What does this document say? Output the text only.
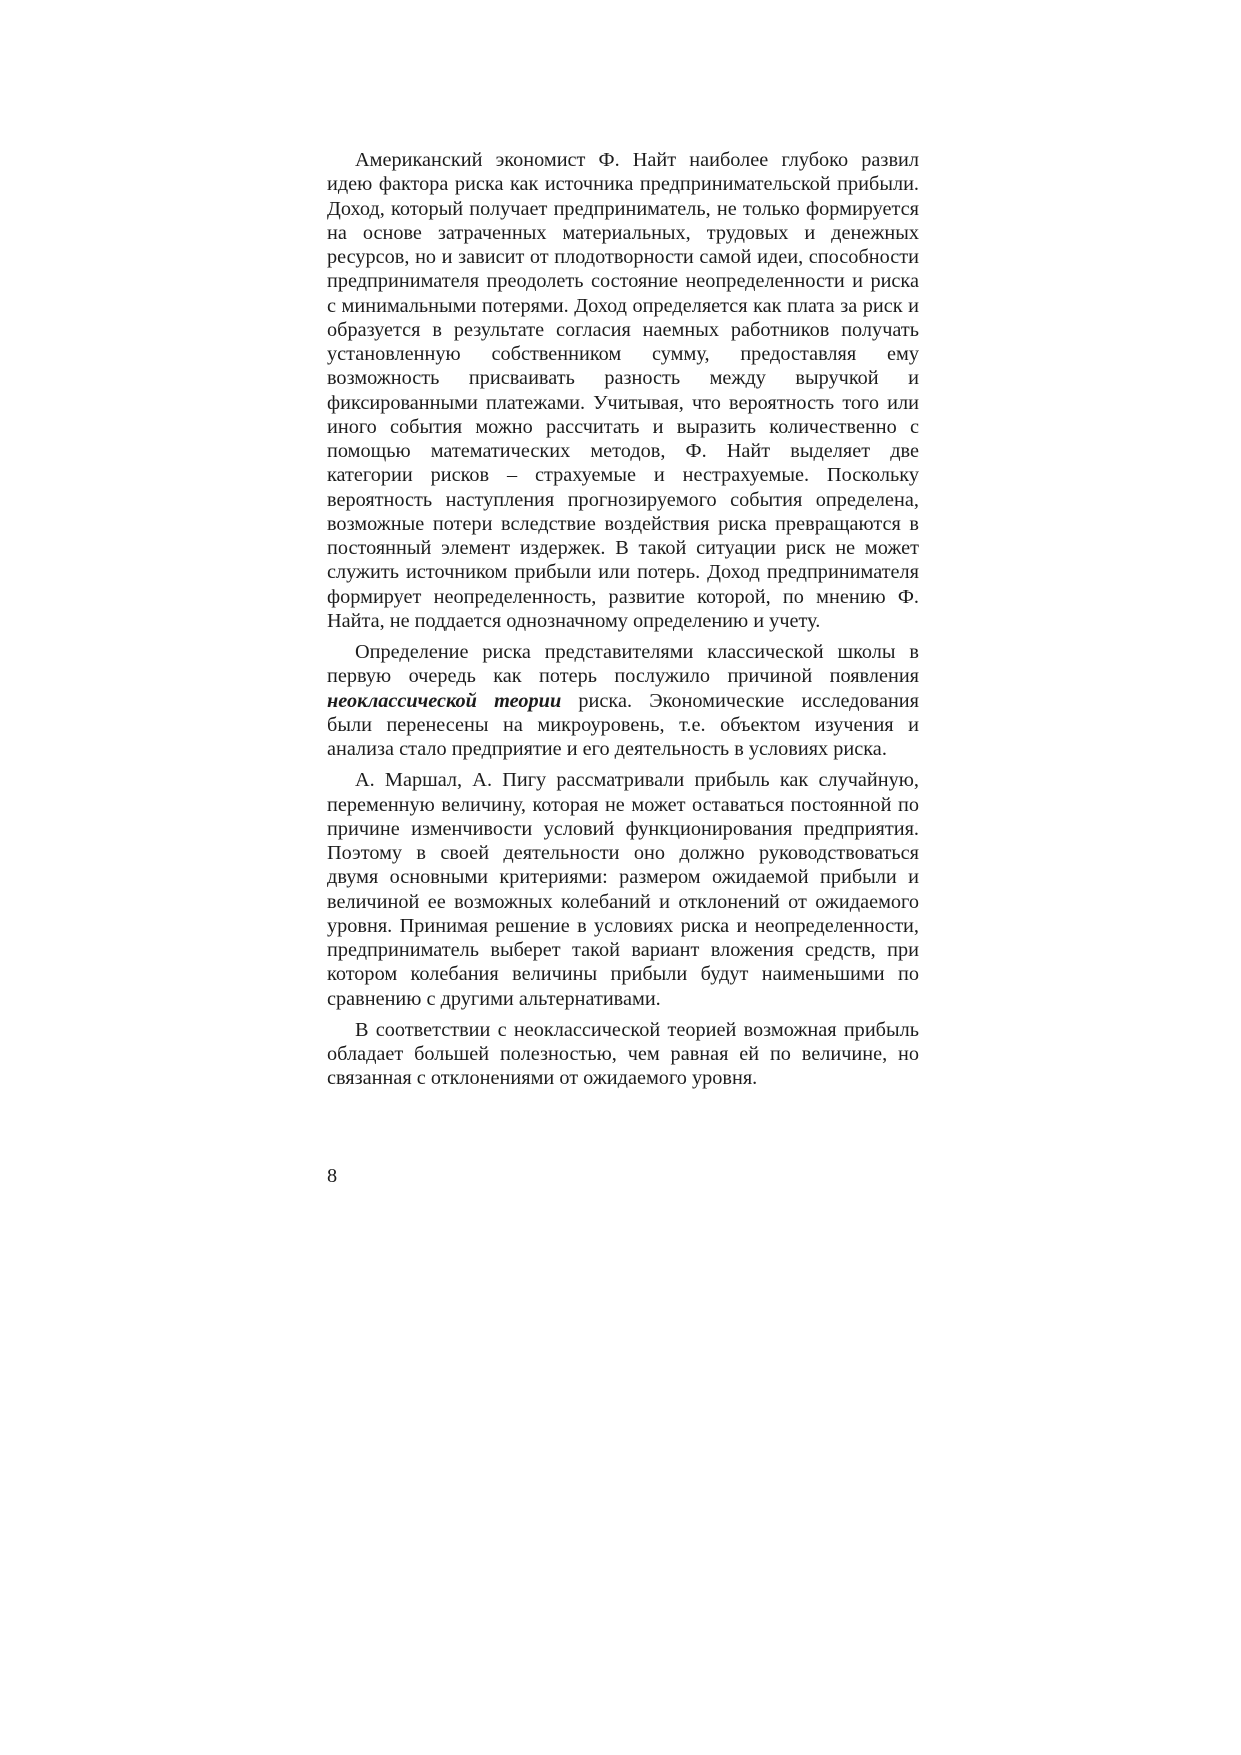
Американский экономист Ф. Найт наиболее глубоко развил идею фактора риска как источника предпринимательской прибыли. Доход, который получает предприниматель, не только формируется на основе затраченных материальных, трудовых и денежных ресурсов, но и зависит от плодотворности самой идеи, способности предпринимателя преодолеть состояние неопределенности и риска с минимальными потерями. Доход определяется как плата за риск и образуется в результате согласия наемных работников получать установленную собственником сумму, предоставляя ему возможность присваивать разность между выручкой и фиксированными платежами. Учитывая, что вероятность того или иного события можно рассчитать и выразить количественно с помощью математических методов, Ф. Найт выделяет две категории рисков – страхуемые и нестрахуемые. Поскольку вероятность наступления прогнозируемого события определена, возможные потери вследствие воздействия риска превращаются в постоянный элемент издержек. В такой ситуации риск не может служить источником прибыли или потерь. Доход предпринимателя формирует неопределенность, развитие которой, по мнению Ф. Найта, не поддается однозначному определению и учету.

Определение риска представителями классической школы в первую очередь как потерь послужило причиной появления неоклассической теории риска. Экономические исследования были перенесены на микроуровень, т.е. объектом изучения и анализа стало предприятие и его деятельность в условиях риска.

А. Маршал, А. Пигу рассматривали прибыль как случайную, переменную величину, которая не может оставаться постоянной по причине изменчивости условий функционирования предприятия. Поэтому в своей деятельности оно должно руководствоваться двумя основными критериями: размером ожидаемой прибыли и величиной ее возможных колебаний и отклонений от ожидаемого уровня. Принимая решение в условиях риска и неопределенности, предприниматель выберет такой вариант вложения средств, при котором колебания величины прибыли будут наименьшими по сравнению с другими альтернативами.

В соответствии с неоклассической теорией возможная прибыль обладает большей полезностью, чем равная ей по величине, но связанная с отклонениями от ожидаемого уровня.

8
